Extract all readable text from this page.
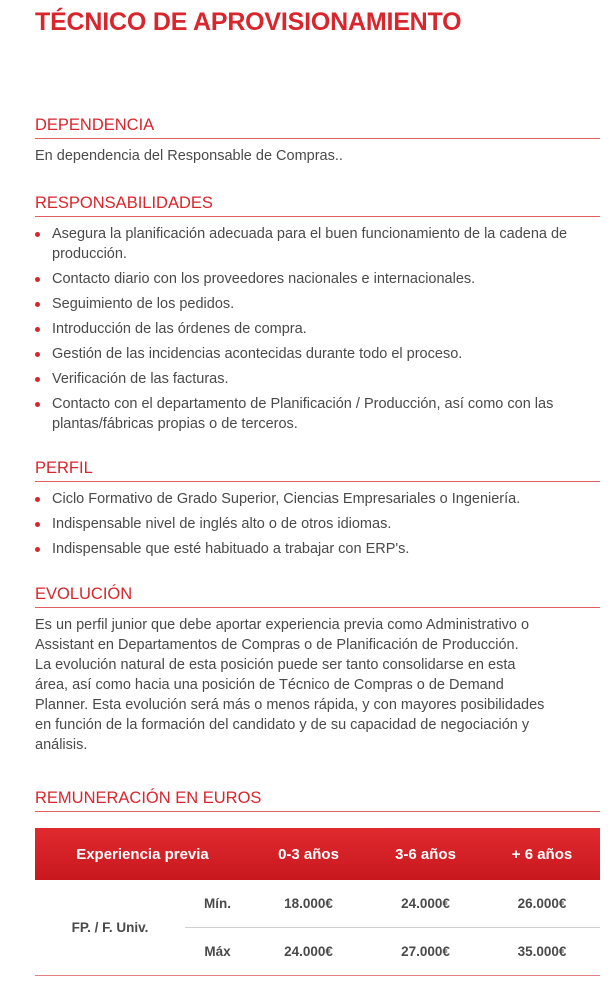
TÉCNICO DE APROVISIONAMIENTO
DEPENDENCIA
En dependencia del Responsable de Compras..
RESPONSABILIDADES
Asegura la planificación adecuada para el buen funcionamiento de la cadena de producción.
Contacto diario con los proveedores nacionales e internacionales.
Seguimiento de los pedidos.
Introducción de las órdenes de compra.
Gestión de las incidencias acontecidas durante todo el proceso.
Verificación de las facturas.
Contacto con el departamento de Planificación / Producción, así como con las plantas/fábricas propias o de terceros.
PERFIL
Ciclo Formativo de Grado Superior, Ciencias Empresariales o Ingeniería.
Indispensable nivel de inglés alto o de otros idiomas.
Indispensable que esté habituado a trabajar con ERP's.
EVOLUCIÓN
Es un perfil junior que debe aportar experiencia previa como Administrativo o
Assistant en Departamentos de Compras o de Planificación de Producción.
La evolución natural de esta posición puede ser tanto consolidarse en esta
área, así como hacia una posición de Técnico de Compras o de Demand
Planner. Esta evolución será más o menos rápida, y con mayores posibilidades
en función de la formación del candidato y de su capacidad de negociación y
análisis.
REMUNERACIÓN EN EUROS
Experiencia previa		0-3 años	3-6 años	+ 6 años
FP. / F. Univ.	Mín.	18.000€	24.000€	26.000€
	Máx	24.000€	27.000€	35.000€
